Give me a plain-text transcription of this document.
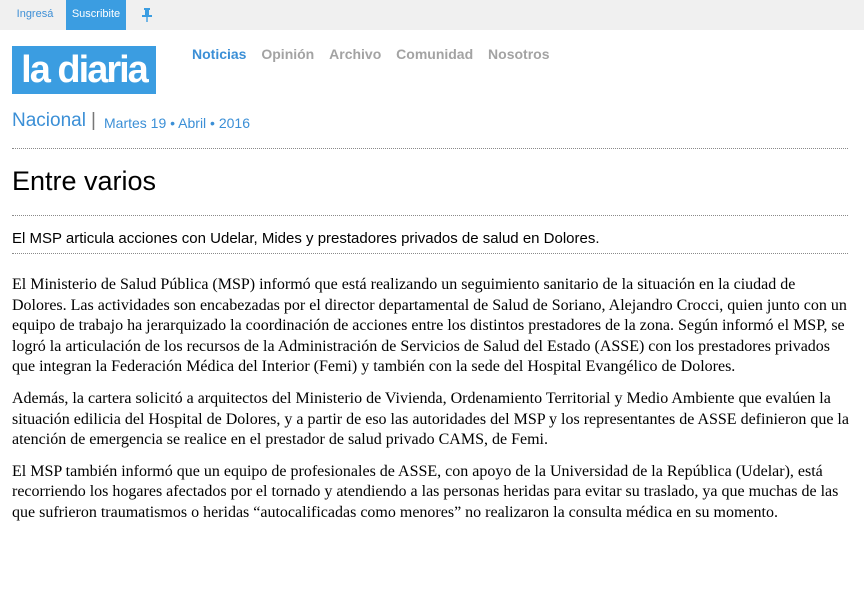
Ingresá	Suscribite
la diaria	Noticias Opinión Archivo Comunidad Nosotros
Nacional | Martes 19 • Abril • 2016
Entre varios

El MSP articula acciones con Udelar, Mides y prestadores privados de salud en Dolores.

El Ministerio de Salud Pública (MSP) informó que está realizando un seguimiento sanitario de la situación en la ciudad de Dolores. Las actividades son encabezadas por el director departamental de Salud de Soriano, Alejandro Crocci, quien junto con un equipo de trabajo ha jerarquizado la coordinación de acciones entre los distintos prestadores de la zona. Según informó el MSP, se logró la articulación de los recursos de la Administración de Servicios de Salud del Estado (ASSE) con los prestadores privados que integran la Federación Médica del Interior (Femi) y también con la sede del Hospital Evangélico de Dolores.

Además, la cartera solicitó a arquitectos del Ministerio de Vivienda, Ordenamiento Territorial y Medio Ambiente que evalúen la situación edilicia del Hospital de Dolores, y a partir de eso las autoridades del MSP y los representantes de ASSE definieron que la atención de emergencia se realice en el prestador de salud privado CAMS, de Femi.

El MSP también informó que un equipo de profesionales de ASSE, con apoyo de la Universidad de la República (Udelar), está recorriendo los hogares afectados por el tornado y atendiendo a las personas heridas para evitar su traslado, ya que muchas de las que sufrieron traumatismos o heridas “autocalificadas como menores” no realizaron la consulta médica en su momento.
